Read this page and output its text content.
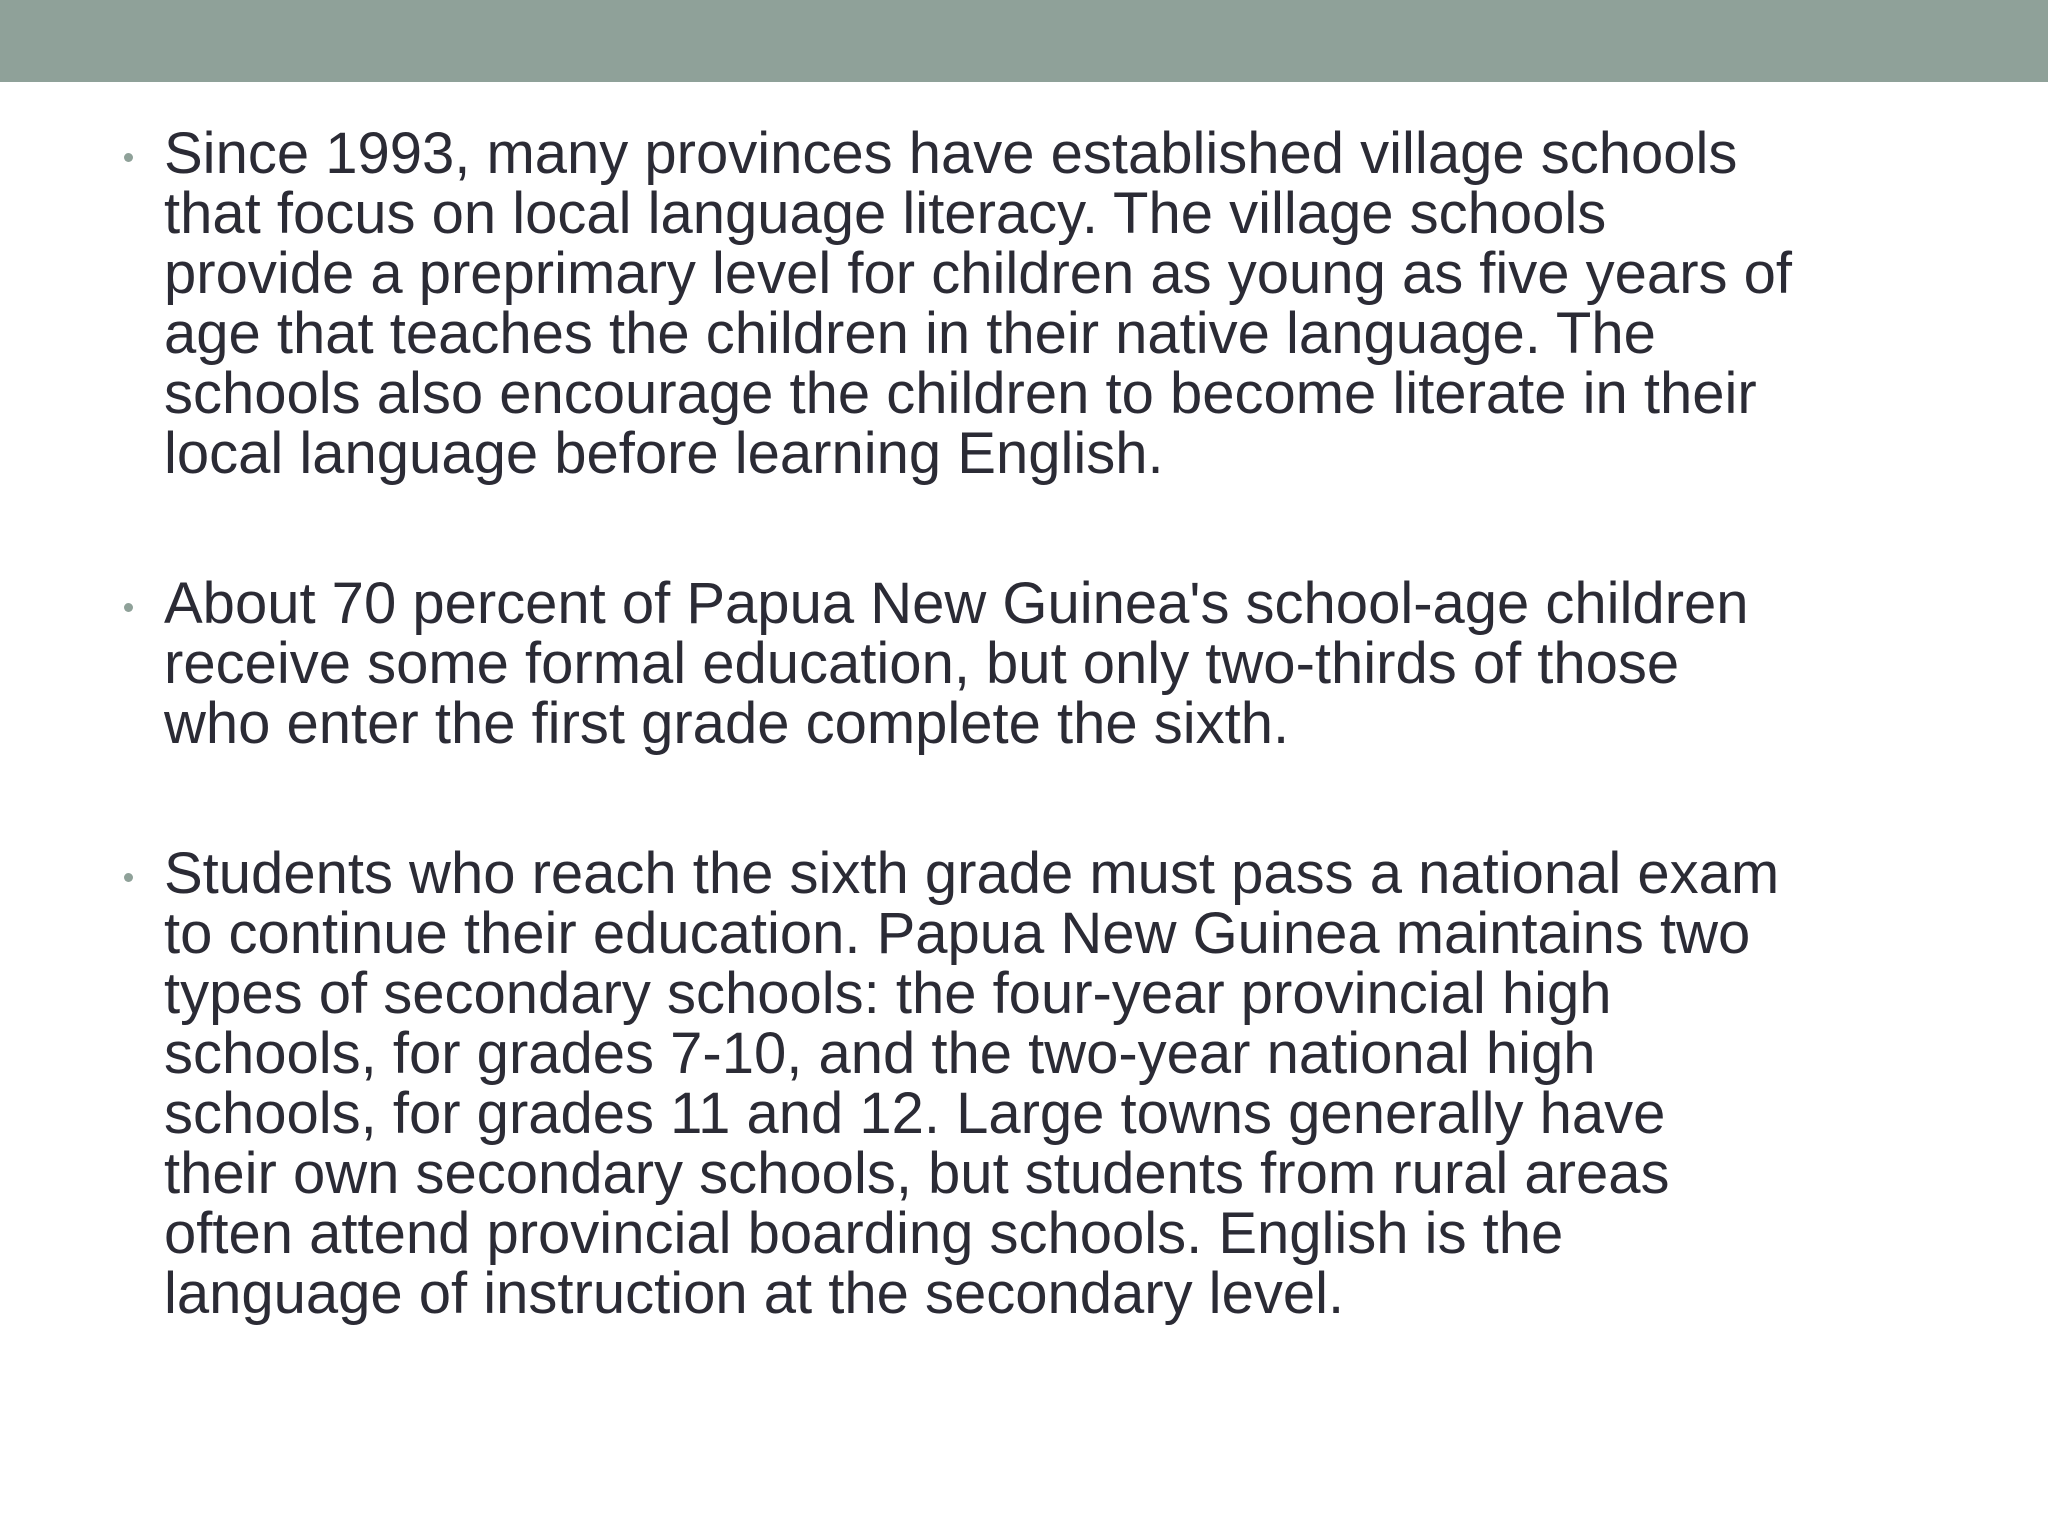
Since 1993, many provinces have established village schools
that focus on local language literacy. The village schools
provide a preprimary level for children as young as five years of
age that teaches the children in their native language. The
schools also encourage the children to become literate in their
local language before learning English.
About 70 percent of Papua New Guinea's school-age children
receive some formal education, but only two-thirds of those
who enter the first grade complete the sixth.
Students who reach the sixth grade must pass a national exam
to continue their education. Papua New Guinea maintains two
types of secondary schools: the four-year provincial high
schools, for grades 7-10, and the two-year national high
schools, for grades 11 and 12. Large towns generally have
their own secondary schools, but students from rural areas
often attend provincial boarding schools. English is the
language of instruction at the secondary level.
